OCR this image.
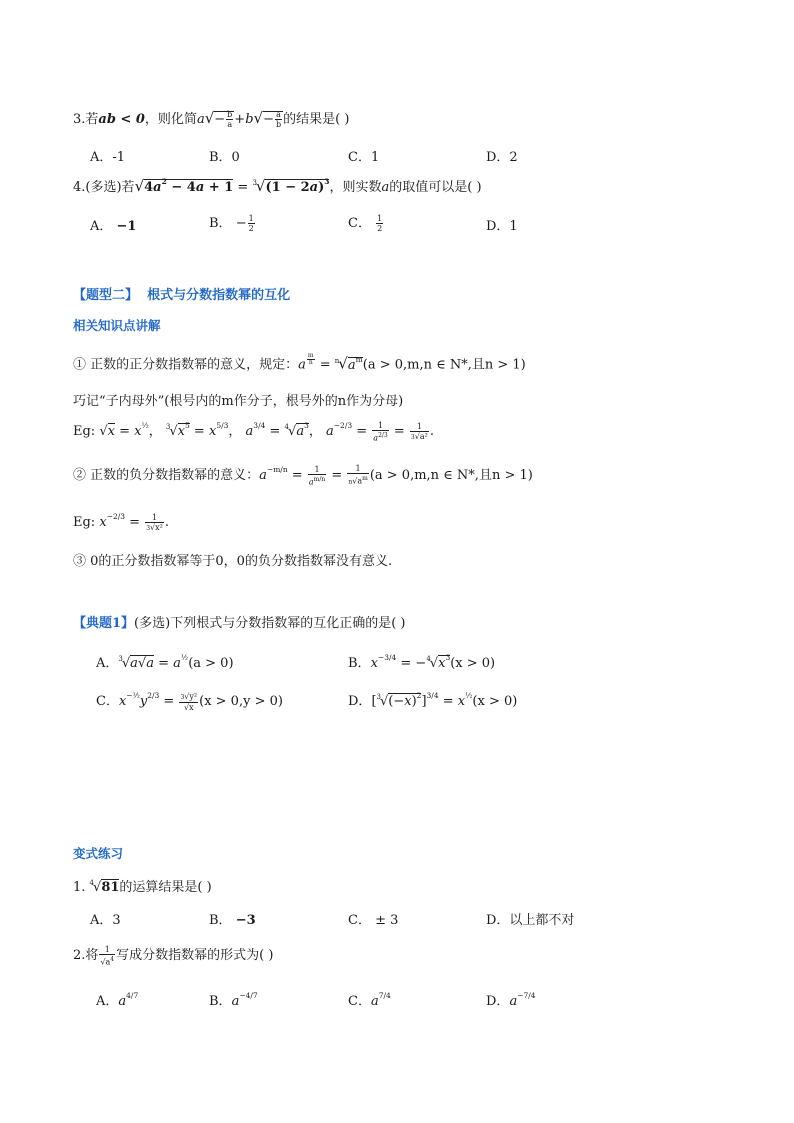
3.若ab < 0，则化简$a√- \frac{b}{a} +b√- \frac{a}{b}$ 的结果是( )
A．-1	B．0	C．1	D．2
4.(多选)若$√4a^2 - 4a + 1 = ^3√(1 - 2a)^3$，则实数a的取值可以是( )
A． −1	B． − $\frac{1}{2}$	C． $\frac{1}{2}$	D．1
【题型二】 根式与分数指数幂的互化
相关知识点讲解
① 正数的正分数指数幂的意义，规定：a $^{\frac{m}{n}} = ^n√a^m(a > 0,m,n$ ∈ N*,且n > 1)
巧记“子内母外”(根号内的m作分子，根号外的n作为分母)
Eg: $√x = x^{\frac{1}{2}}$， $^3√x^5 = x^{5/3}$， $a^{3/4} = ^4√a^3$， $a^{-2/3} = \frac{1}{a^{2/3}} = \frac{1}{\text{3√a²}}$ .
② 正数的负分数指数幂的意义：$a^{-m/n} = \frac{1}{a^{m/n}} = \frac{1}{n√a^m} (a > 0,m,n$ ∈ N*,且n > 1)
Eg: $x^{-2/3} = \frac{1}{\text{3√x²}}$ .
③ 0的正分数指数幂等于0，0的负分数指数幂没有意义.
【典题1】(多选)下列根式与分数指数幂的互化正确的是( )
A．$^3√a√a = a^{\frac{1}{2}}(a > 0)$	B．$x^{-3/4} = -^4√x^3(x > 0)$
C．$x^{-\frac{1}{2}}y^{2/3} = \frac{\text{3√y²}}{√x} (x > 0,y > 0)$	D．$[^3√(-x)^2]^{3/4} = x^{\frac{1}{2}}(x > 0)$
变式练习
1. $^4$√81的运算结果是( )
A．3	B． −3	C． ± 3	D．以上都不对
2.将 $\frac{1}{√a^4}$ 写成分数指数幂的形式为( )
A．$a^{4/7}$	B．$a^{-4/7}$	C．$a^{7/4}$	D．$a^{-7/4}$
